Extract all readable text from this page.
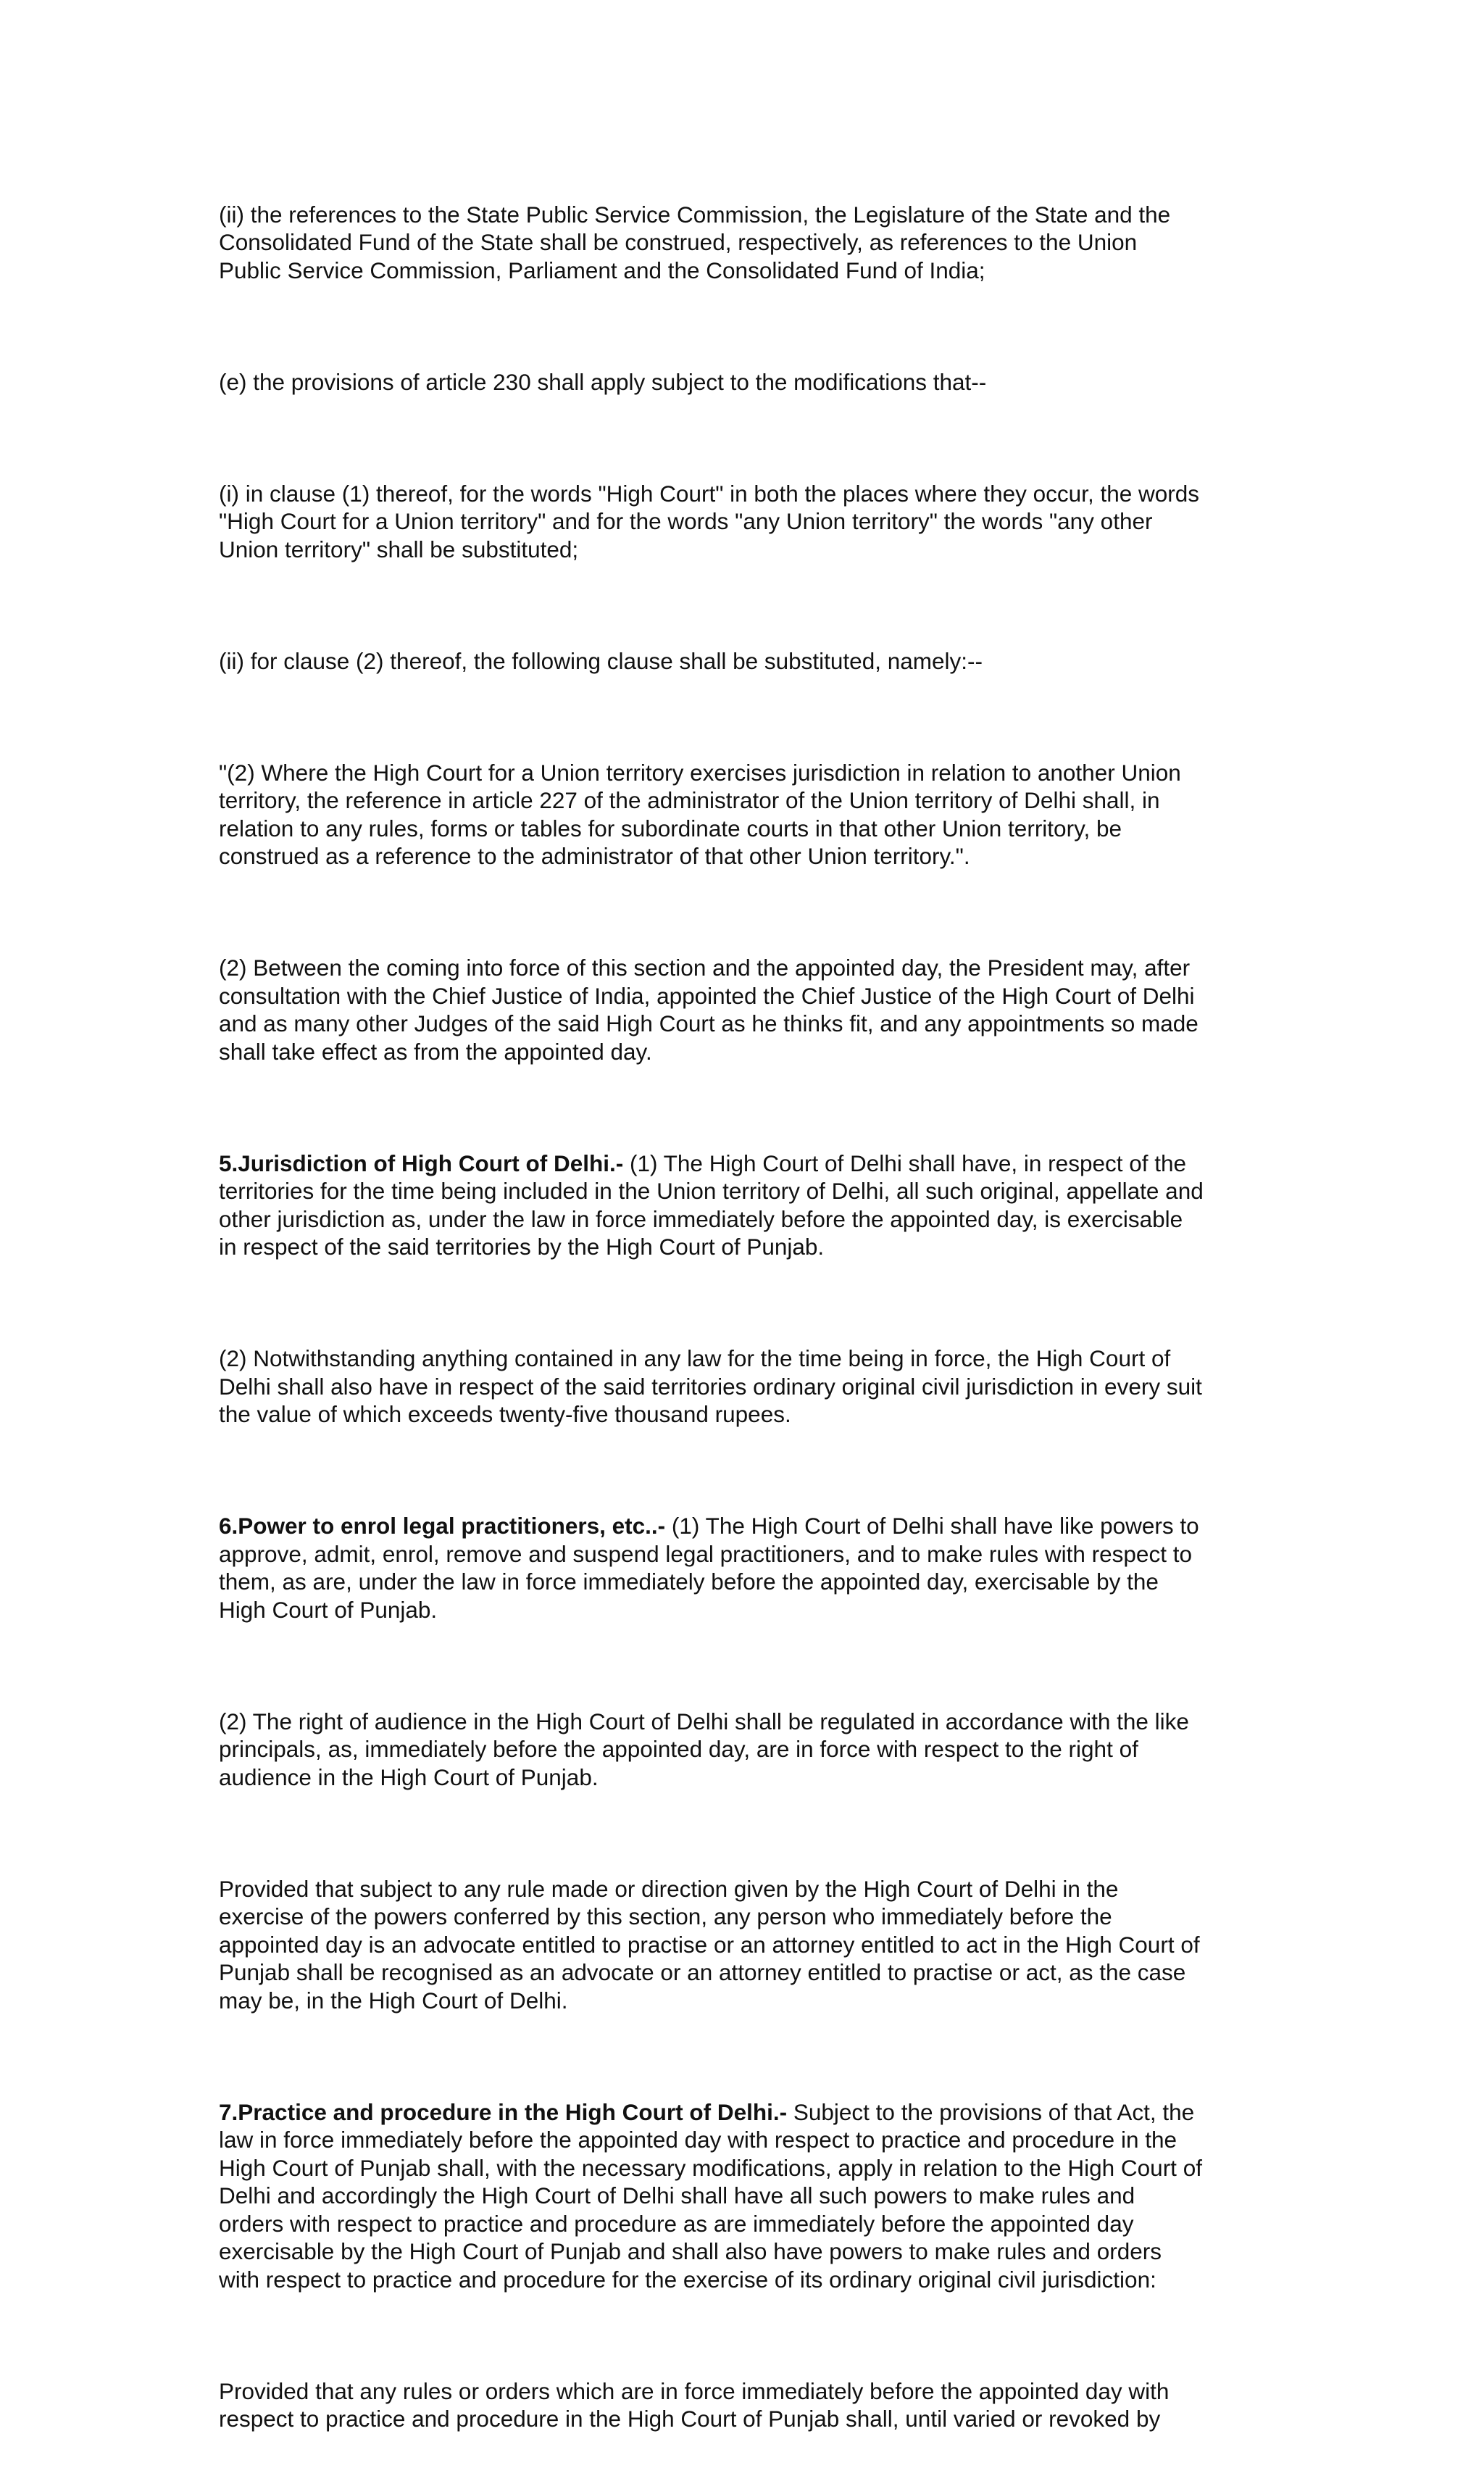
(ii) the references to the State Public Service Commission, the Legislature of the State and the
Consolidated Fund of the State shall be construed, respectively, as references to the Union
Public Service Commission, Parliament and the Consolidated Fund of India;

(e) the provisions of article 230 shall apply subject to the modifications that--

(i) in clause (1) thereof, for the words "High Court" in both the places where they occur, the words
"High Court for a Union territory" and for the words "any Union territory" the words "any other
Union territory" shall be substituted;

(ii) for clause (2) thereof, the following clause shall be substituted, namely:--

"(2) Where the High Court for a Union territory exercises jurisdiction in relation to another Union
territory, the reference in article 227 of the administrator of the Union territory of Delhi shall, in
relation to any rules, forms or tables for subordinate courts in that other Union territory, be
construed as a reference to the administrator of that other Union territory.".

(2) Between the coming into force of this section and the appointed day, the President may, after
consultation with the Chief Justice of India, appointed the Chief Justice of the High Court of Delhi
and as many other Judges of the said High Court as he thinks fit, and any appointments so made
shall take effect as from the appointed day.

5.Jurisdiction of High Court of Delhi.- (1) The High Court of Delhi shall have, in respect of the
territories for the time being included in the Union territory of Delhi, all such original, appellate and
other jurisdiction as, under the law in force immediately before the appointed day, is exercisable
in respect of the said territories by the High Court of Punjab.

(2) Notwithstanding anything contained in any law for the time being in force, the High Court of
Delhi shall also have in respect of the said territories ordinary original civil jurisdiction in every suit
the value of which exceeds twenty-five thousand rupees.

6.Power to enrol legal practitioners, etc..- (1) The High Court of Delhi shall have like powers to
approve, admit, enrol, remove and suspend legal practitioners, and to make rules with respect to
them, as are, under the law in force immediately before the appointed day, exercisable by the
High Court of Punjab.

(2) The right of audience in the High Court of Delhi shall be regulated in accordance with the like
principals, as, immediately before the appointed day, are in force with respect to the right of
audience in the High Court of Punjab.

Provided that subject to any rule made or direction given by the High Court of Delhi in the
exercise of the powers conferred by this section, any person who immediately before the
appointed day is an advocate entitled to practise or an attorney entitled to act in the High Court of
Punjab shall be recognised as an advocate or an attorney entitled to practise or act, as the case
may be, in the High Court of Delhi.

7.Practice and procedure in the High Court of Delhi.- Subject to the provisions of that Act, the
law in force immediately before the appointed day with respect to practice and procedure in the
High Court of Punjab shall, with the necessary modifications, apply in relation to the High Court of
Delhi and accordingly the High Court of Delhi shall have all such powers to make rules and
orders with respect to practice and procedure as are immediately before the appointed day
exercisable by the High Court of Punjab and shall also have powers to make rules and orders
with respect to practice and procedure for the exercise of its ordinary original civil jurisdiction:

Provided that any rules or orders which are in force immediately before the appointed day with
respect to practice and procedure in the High Court of Punjab shall, until varied or revoked by
